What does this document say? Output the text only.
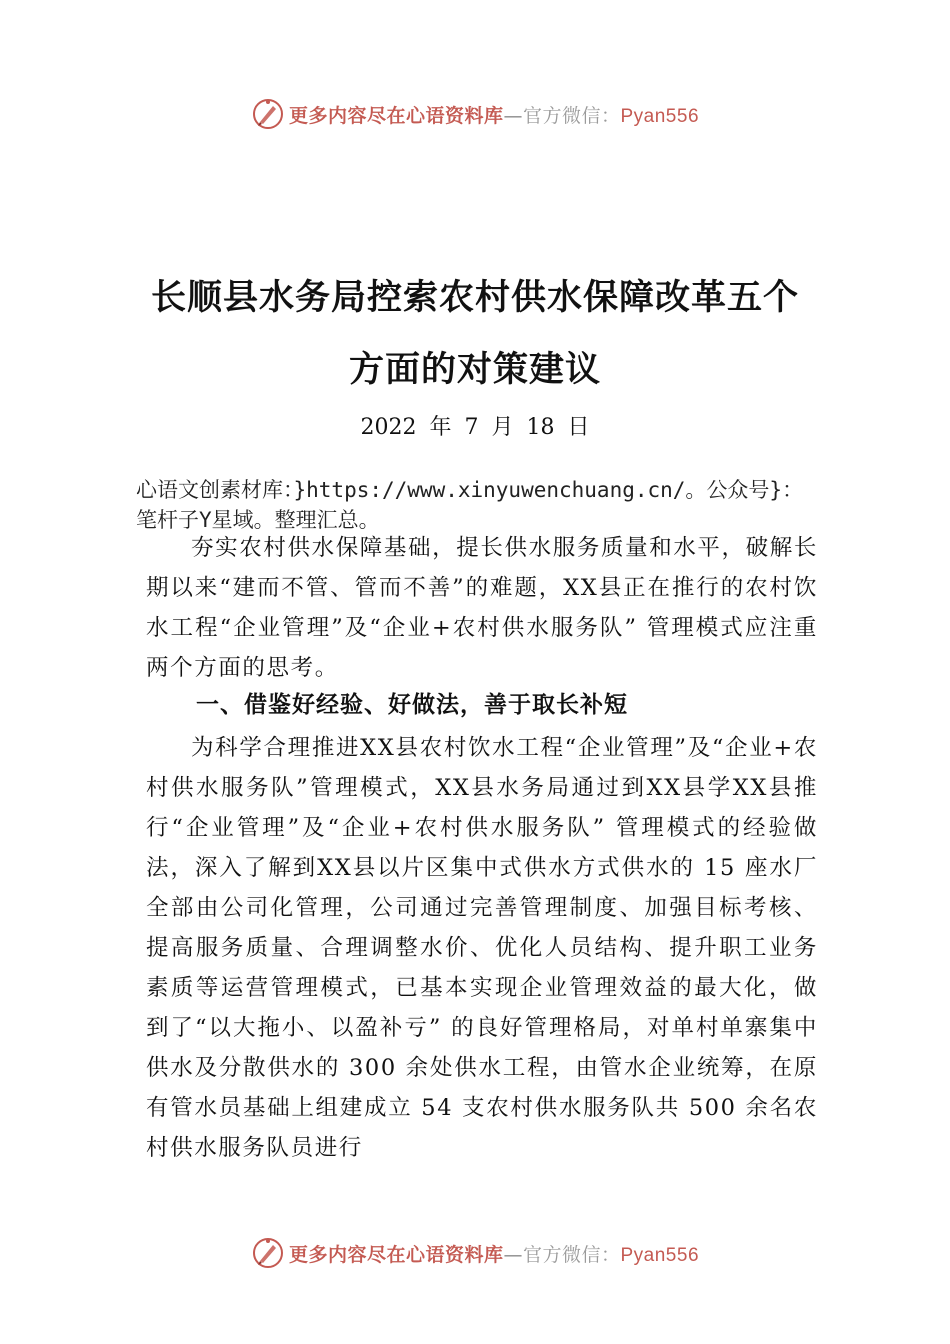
更多内容尽在心语资料库—官方微信：Pyan556
长顺县水务局控索农村供水保障改革五个
方面的对策建议
2022 年 7 月 18 日
心语文创素材库：}https://www.xinyuwenchuang.cn/。公众号}：笔杆子Y星域。整理汇总。

夯实农村供水保障基础，提长供水服务质量和水平，破解长期以来“建而不管、管而不善”的难题，XX县正在推行的农村饮水工程“企业管理”及“企业+农村供水服务队” 管理模式应注重两个方面的思考。

一、借鉴好经验、好做法，善于取长补短

为科学合理推进XX县农村饮水工程“企业管理”及“企业+农村供水服务队”管理模式，XX县水务局通过到XX县学XX县推行“企业管理”及“企业+农村供水服务队” 管理模式的经验做法，深入了解到XX县以片区集中式供水方式供水的 15 座水厂全部由公司化管理，公司通过完善管理制度、加强目标考核、提高服务质量、合理调整水价、优化人员结构、提升职工业务素质等运营管理模式，已基本实现企业管理效益的最大化，做到了“以大拖小、以盈补亏” 的良好管理格局，对单村单寨集中供水及分散供水的 300 余处供水工程，由管水企业统筹，在原有管水员基础上组建成立 54 支农村供水服务队共 500 余名农村供水服务队员进行

更多内容尽在心语资料库—官方微信：Pyan556
